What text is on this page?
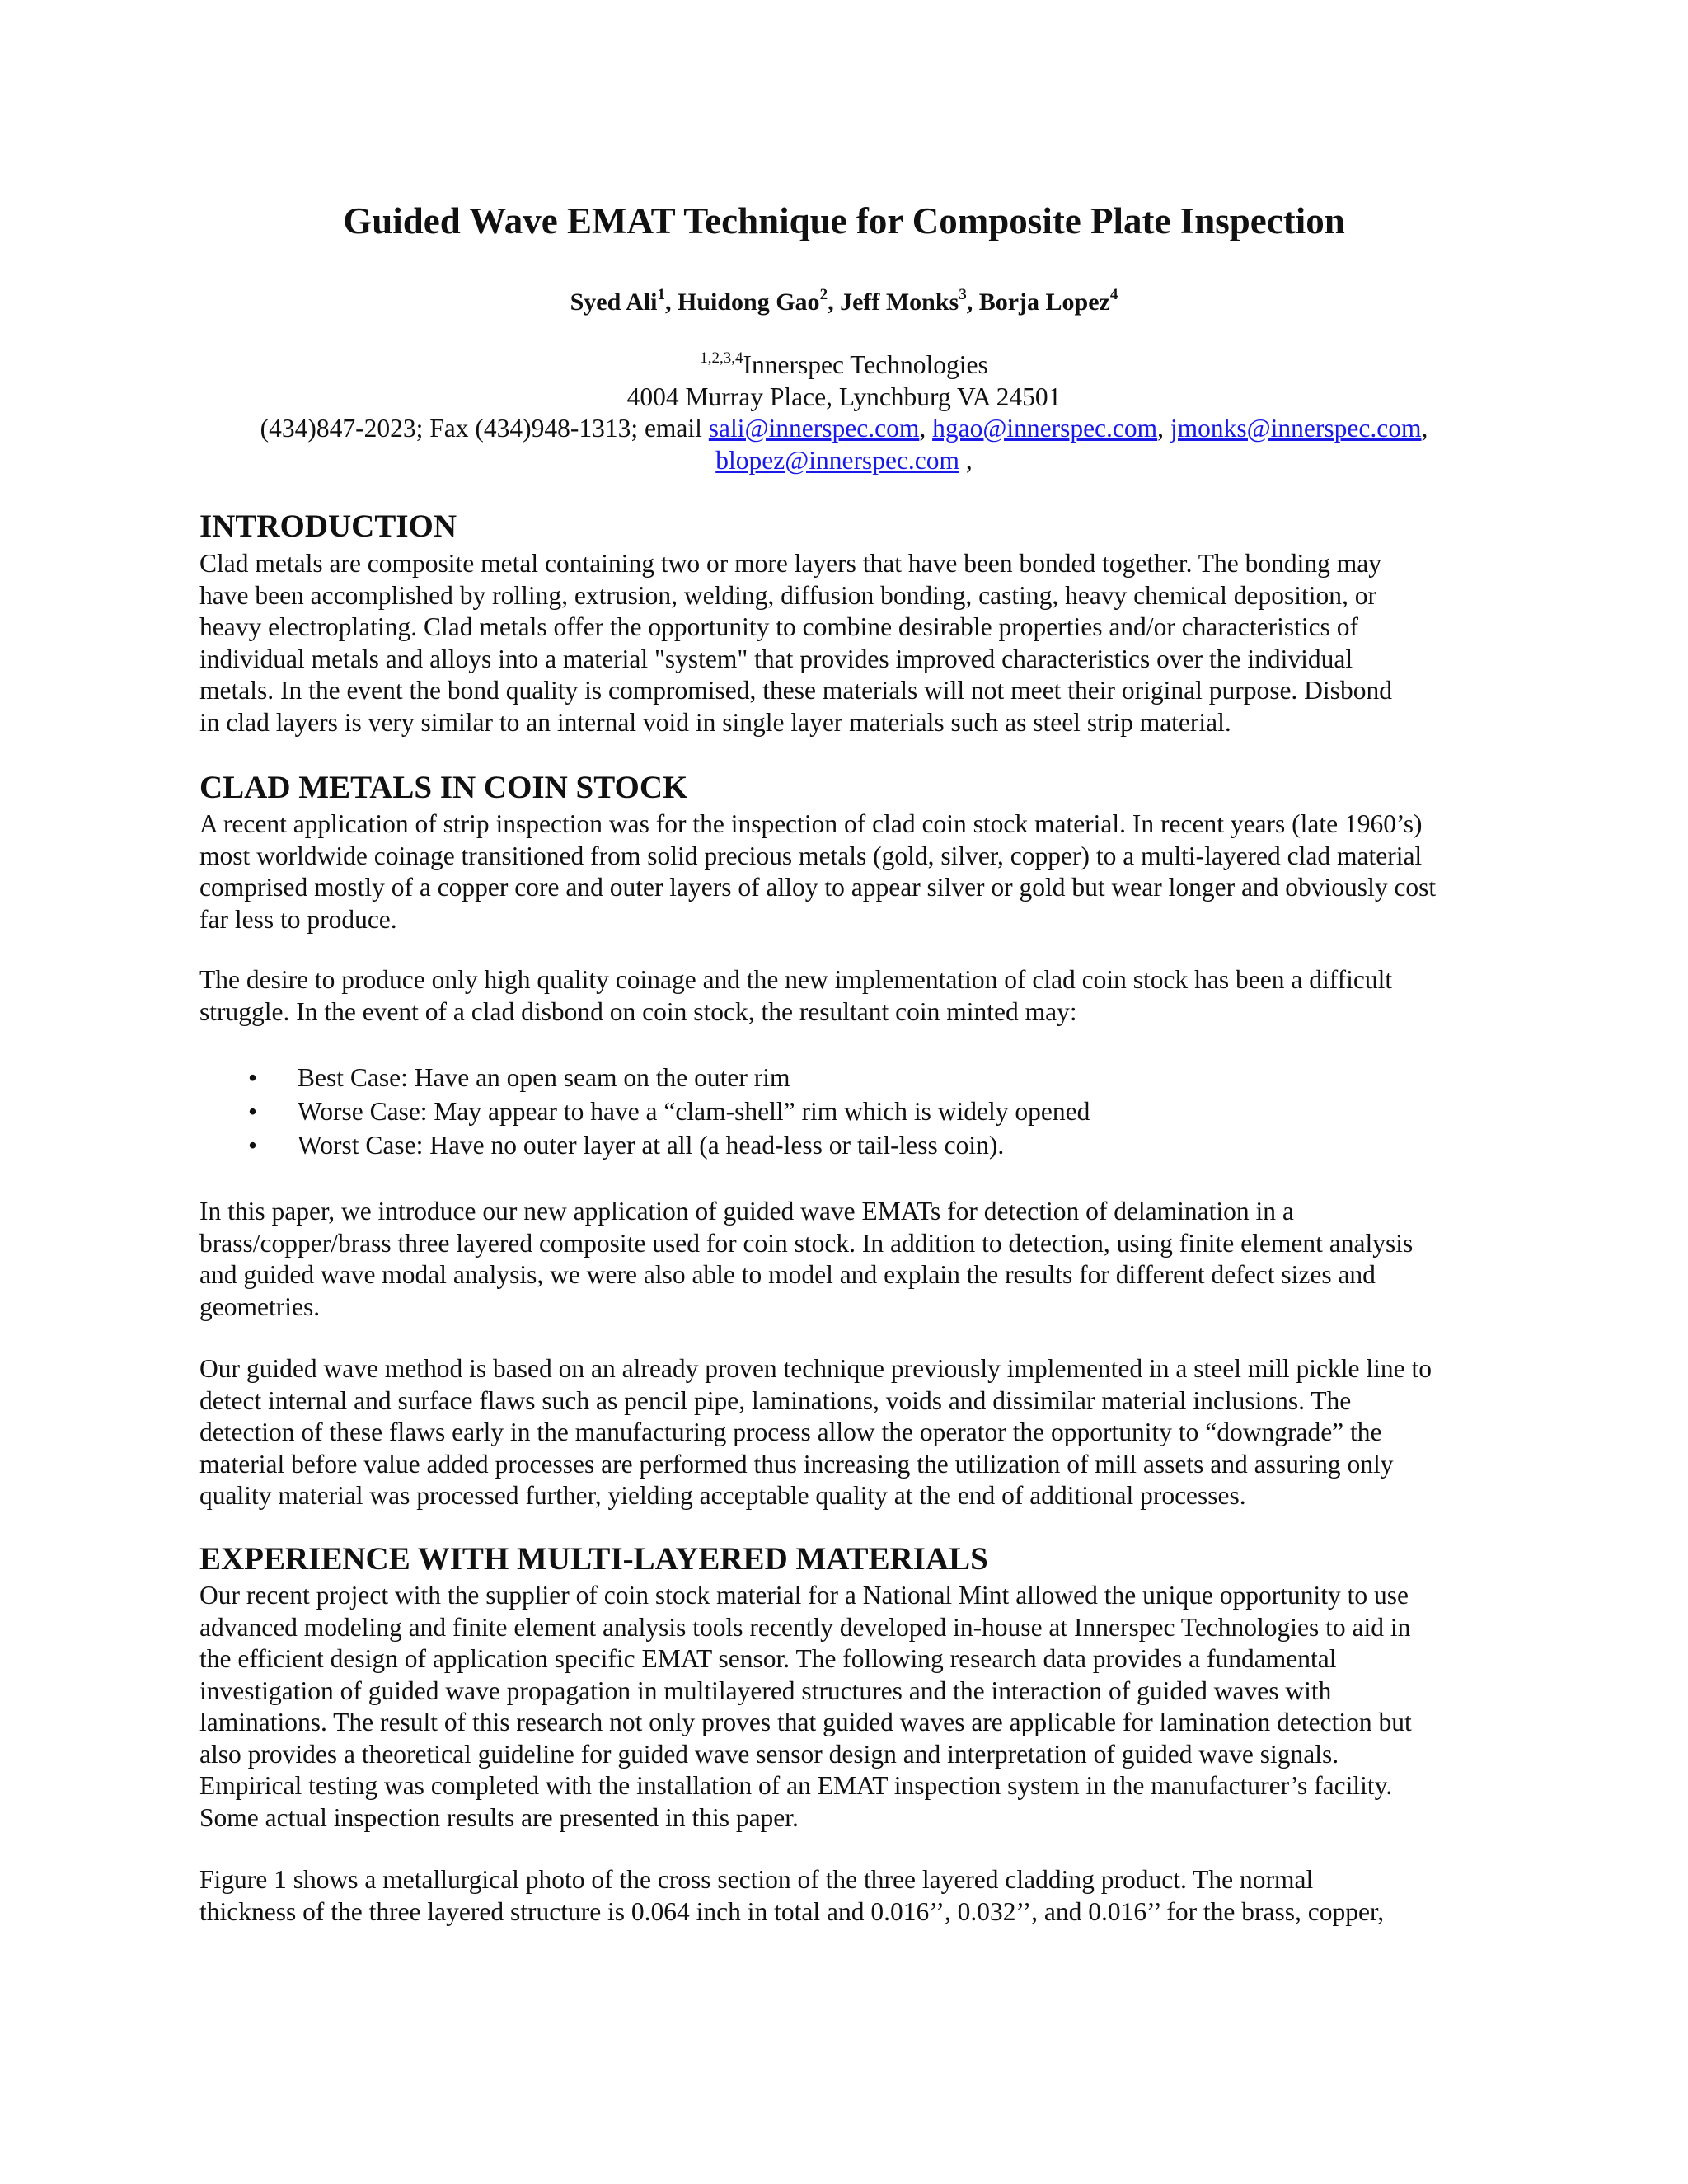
Guided Wave EMAT Technique for Composite Plate Inspection
Syed Ali$^1$, Huidong Gao$^2$, Jeff Monks$^3$, Borja Lopez$^4$
$^{1,2,3,4}$Innerspec Technologies
4004 Murray Place, Lynchburg VA 24501
(434)847-2023; Fax (434)948-1313; email sali@innerspec.com, hgao@innerspec.com, jmonks@innerspec.com,
blopez@innerspec.com ,
INTRODUCTION

Clad metals are composite metal containing two or more layers that have been bonded together. The bonding may
have been accomplished by rolling, extrusion, welding, diffusion bonding, casting, heavy chemical deposition, or
heavy electroplating. Clad metals offer the opportunity to combine desirable properties and/or characteristics of
individual metals and alloys into a material "system" that provides improved characteristics over the individual
metals. In the event the bond quality is compromised, these materials will not meet their original purpose. Disbond
in clad layers is very similar to an internal void in single layer materials such as steel strip material.

CLAD METALS IN COIN STOCK

A recent application of strip inspection was for the inspection of clad coin stock material. In recent years (late 1960’s)
most worldwide coinage transitioned from solid precious metals (gold, silver, copper) to a multi-layered clad material
comprised mostly of a copper core and outer layers of alloy to appear silver or gold but wear longer and obviously cost
far less to produce.

The desire to produce only high quality coinage and the new implementation of clad coin stock has been a difficult
struggle. In the event of a clad disbond on coin stock, the resultant coin minted may:

• Best Case: Have an open seam on the outer rim
• Worse Case: May appear to have a “clam-shell” rim which is widely opened
• Worst Case: Have no outer layer at all (a head-less or tail-less coin).

In this paper, we introduce our new application of guided wave EMATs for detection of delamination in a
brass/copper/brass three layered composite used for coin stock. In addition to detection, using finite element analysis
and guided wave modal analysis, we were also able to model and explain the results for different defect sizes and
geometries.

Our guided wave method is based on an already proven technique previously implemented in a steel mill pickle line to
detect internal and surface flaws such as pencil pipe, laminations, voids and dissimilar material inclusions. The
detection of these flaws early in the manufacturing process allow the operator the opportunity to “downgrade” the
material before value added processes are performed thus increasing the utilization of mill assets and assuring only
quality material was processed further, yielding acceptable quality at the end of additional processes.

EXPERIENCE WITH MULTI-LAYERED MATERIALS

Our recent project with the supplier of coin stock material for a National Mint allowed the unique opportunity to use
advanced modeling and finite element analysis tools recently developed in-house at Innerspec Technologies to aid in
the efficient design of application specific EMAT sensor. The following research data provides a fundamental
investigation of guided wave propagation in multilayered structures and the interaction of guided waves with
laminations. The result of this research not only proves that guided waves are applicable for lamination detection but
also provides a theoretical guideline for guided wave sensor design and interpretation of guided wave signals.
Empirical testing was completed with the installation of an EMAT inspection system in the manufacturer’s facility.
Some actual inspection results are presented in this paper.

Figure 1 shows a metallurgical photo of the cross section of the three layered cladding product. The normal
thickness of the three layered structure is 0.064 inch in total and 0.016’’, 0.032’’, and 0.016’’ for the brass, copper,
